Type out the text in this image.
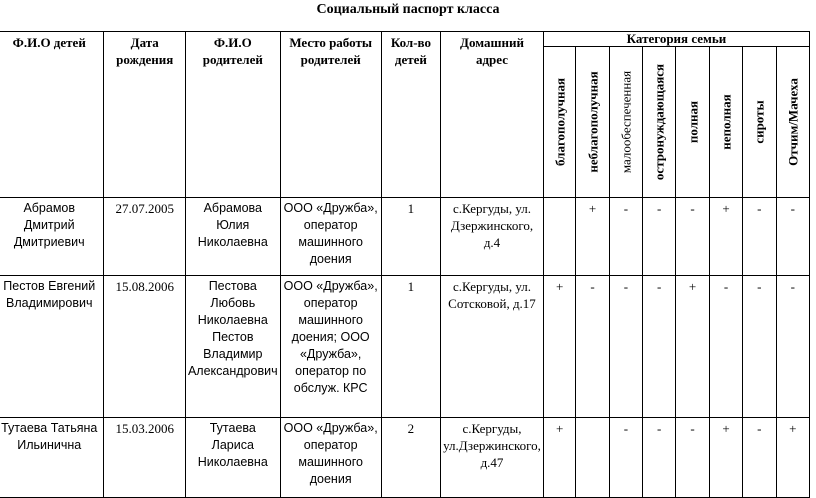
Социальный паспорт класса
Ф.И.О детей	Дата рождения	Ф.И.О родителей	Место работы родителей	Кол-во детей	Домашний адрес	Категория семьи							

						благополучная	неблагополучная	малообеспеченная	остронуждающаяся	полная	неполная	сироты	Отчим/Мачеха

Абрамов Дмитрий Дмитриевич	27.07.2005	Абрамова Юлия Николаевна	ООО «Дружба», оператор машинного доения	1	с.Кергуды, ул. Дзержинского, д.4		+	-	-	-	+	-	-
Пестов Евгений Владимирович	15.08.2006	Пестова Любовь Николаевна Пестов Владимир Александрович	ООО «Дружба», оператор машинного доения; ООО «Дружба», оператор по обслуж. КРС	1	с.Кергуды, ул. Сотсковой, д.17	+	-	-	-	+	-	-	-
Тутаева Татьяна Ильинична	15.03.2006	Тутаева Лариса Николаевна	ООО «Дружба», оператор машинного доения	2	с.Кергуды, ул.Дзержинского, д.47	+		-	-	-	+	-	+
